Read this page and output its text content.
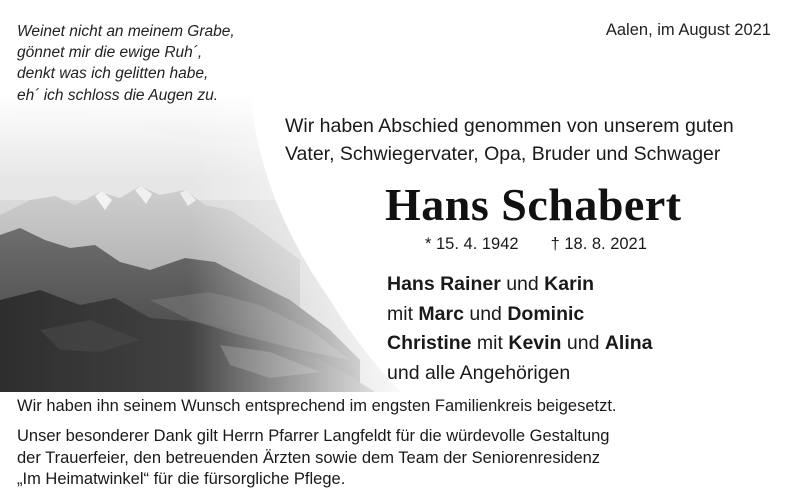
Weinet nicht an meinem Grabe,
gönnet mir die ewige Ruh´,
denkt was ich gelitten habe,
eh´ ich schloss die Augen zu.
Aalen, im August 2021
Wir haben Abschied genommen von unserem guten
Vater, Schwiegervater, Opa, Bruder und Schwager
Hans Schabert
* 15. 4. 1942 † 18. 8. 2021
Hans Rainer und Karin
mit Marc und Dominic
Christine mit Kevin und Alina
und alle Angehörigen
Wir haben ihn seinem Wunsch entsprechend im engsten Familienkreis beigesetzt.
Unser besonderer Dank gilt Herrn Pfarrer Langfeldt für die würdevolle Gestaltung
der Trauerfeier, den betreuenden Ärzten sowie dem Team der Seniorenresidenz
„Im Heimatwinkel“ für die fürsorgliche Pflege.
